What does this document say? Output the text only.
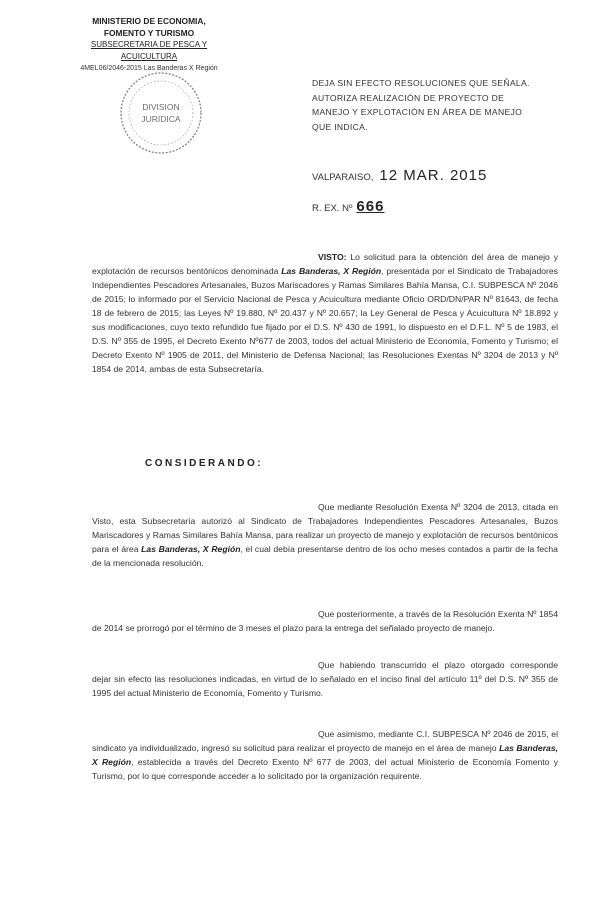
MINISTERIO DE ECONOMIA,
FOMENTO Y TURISMO
SUBSECRETARIA DE PESCA Y ACUICULTURA
4MEL06/2046-2015 Las Banderas X Región
DIVISION
JURIDICA
DEJA SIN EFECTO RESOLUCIONES QUE SEÑALA. AUTORIZA REALIZACIÓN DE PROYECTO DE MANEJO Y EXPLOTACIÓN EN ÁREA DE MANEJO QUE INDICA.
VALPARAISO, 12 MAR. 2015
R. EX. Nº 666
VISTO: Lo solicitud para la obtención del área de manejo y explotación de recursos bentónicos denominada Las Banderas, X Región, presentada por el Sindicato de Trabajadores Independientes Pescadores Artesanales, Buzos Mariscadores y Ramas Similares Bahía Mansa, C.I. SUBPESCA Nº 2046 de 2015; lo informado por el Servicio Nacional de Pesca y Acuicultura mediante Oficio ORD/DN/PAR Nº 81643, de fecha 18 de febrero de 2015; las Leyes Nº 19.880, Nº 20.437 y Nº 20.657; la Ley General de Pesca y Acuicultura Nº 18.892 y sus modificaciones, cuyo texto refundido fue fijado por el D.S. Nº 430 de 1991, lo dispuesto en el D.F.L. Nº 5 de 1983, el D.S. Nº 355 de 1995, el Decreto Exento Nº677 de 2003, todos del actual Ministerio de Economía, Fomento y Turismo; el Decreto Exento Nº 1905 de 2011, del Ministerio de Defensa Nacional; las Resoluciones Exentas Nº 3204 de 2013 y Nº 1854 de 2014, ambas de esta Subsecretaría.
CONSIDERANDO:
Que mediante Resolución Exenta Nº 3204 de 2013, citada en Visto, esta Subsecretaría autorizó al Sindicato de Trabajadores Independientes Pescadores Artesanales, Buzos Mariscadores y Ramas Similares Bahía Mansa, para realizar un proyecto de manejo y explotación de recursos bentónicos para el área Las Banderas, X Región, el cual debía presentarse dentro de los ocho meses contados a partir de la fecha de la mencionada resolución.
Que posteriormente, a través de la Resolución Exenta Nº 1854 de 2014 se prorrogó por el término de 3 meses el plazo para la entrega del señalado proyecto de manejo.
Que habiendo transcurrido el plazo otorgado corresponde dejar sin efecto las resoluciones indicadas, en virtud de lo señalado en el inciso final del artículo 11º del D.S. Nº 355 de 1995 del actual Ministerio de Economía, Fomento y Turismo.
Que asimismo, mediante C.I. SUBPESCA Nº 2046 de 2015, el sindicato ya individualizado, ingresó su solicitud para realizar el proyecto de manejo en el área de manejo Las Banderas, X Región, establecida a través del Decreto Exento Nº 677 de 2003, del actual Ministerio de Economía Fomento y Turismo, por lo que corresponde acceder a lo solicitado por la organización requirente.
